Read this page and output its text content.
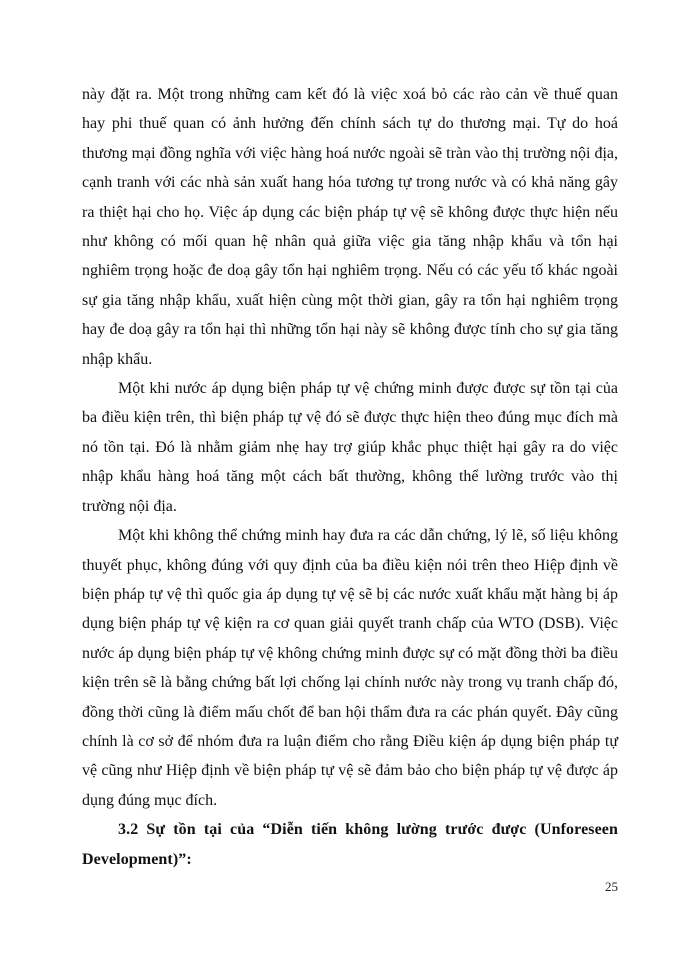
này đặt ra. Một trong những cam kết đó là việc xoá bỏ các rào cản về thuế quan hay phi thuế quan có ảnh hưởng đến chính sách tự do thương mại. Tự do hoá thương mại đồng nghĩa với việc hàng hoá nước ngoài sẽ tràn vào thị trường nội địa, cạnh tranh với các nhà sản xuất hang hóa tương tự trong nước và có khả năng gây ra thiệt hại cho họ. Việc áp dụng các biện pháp tự vệ sẽ không được thực hiện nếu như không có mối quan hệ nhân quả giữa việc gia tăng nhập khẩu và tổn hại nghiêm trọng hoặc đe doạ gây tổn hại nghiêm trọng. Nếu có các yếu tố khác ngoài sự gia tăng nhập khẩu, xuất hiện cùng một thời gian, gây ra tổn hại nghiêm trọng hay đe doạ gây ra tổn hại thì những tổn hại này sẽ không được tính cho sự gia tăng nhập khẩu.

Một khi nước áp dụng biện pháp tự vệ chứng minh được được sự tồn tại của ba điều kiện trên, thì biện pháp tự vệ đó sẽ được thực hiện theo đúng mục đích mà nó tồn tại. Đó là nhằm giảm nhẹ hay trợ giúp khắc phục thiệt hại gây ra do việc nhập khẩu hàng hoá tăng một cách bất thường, không thể lường trước vào thị trường nội địa.

Một khi không thể chứng minh hay đưa ra các dẫn chứng, lý lẽ, số liệu không thuyết phục, không đúng với quy định của ba điều kiện nói trên theo Hiệp định về biện pháp tự vệ thì quốc gia áp dụng tự vệ sẽ bị các nước xuất khẩu mặt hàng bị áp dụng biện pháp tự vệ kiện ra cơ quan giải quyết tranh chấp của WTO (DSB). Việc nước áp dụng biện pháp tự vệ không chứng minh được sự có mặt đồng thời ba điều kiện trên sẽ là bằng chứng bất lợi chống lại chính nước này trong vụ tranh chấp đó, đồng thời cũng là điểm mấu chốt để ban hội thẩm đưa ra các phán quyết. Đây cũng chính là cơ sở để nhóm đưa ra luận điểm cho rằng Điều kiện áp dụng biện pháp tự vệ cũng như Hiệp định về biện pháp tự vệ sẽ đảm bảo cho biện pháp tự vệ được áp dụng đúng mục đích.

3.2 Sự tồn tại của “Diễn tiến không lường trước được (Unforeseen Development)”:

25
